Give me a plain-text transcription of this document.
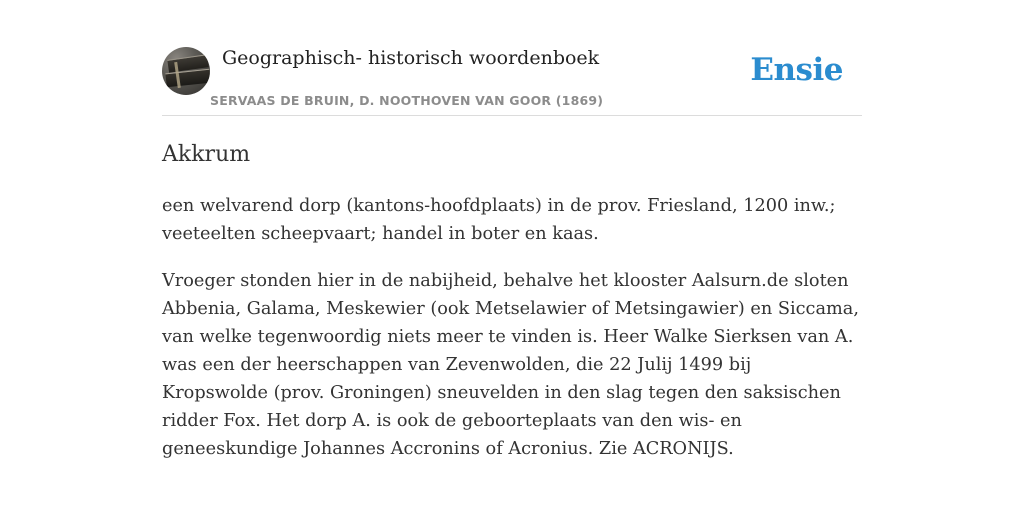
Geographisch- historisch woordenboek
SERVAAS DE BRUIN, D. NOOTHOVEN VAN GOOR (1869)
Ensie
Akkrum

een welvarend dorp (kantons-hoofdplaats) in de prov. Friesland, 1200 inw.; veeteelten scheepvaart; handel in boter en kaas.

Vroeger stonden hier in de nabijheid, behalve het klooster Aalsurn.de sloten Abbenia, Galama, Meskewier (ook Metselawier of Metsingawier) en Siccama, van welke tegenwoordig niets meer te vinden is. Heer Walke Sierksen van A. was een der heerschappen van Zevenwolden, die 22 Julij 1499 bij Kropswolde (prov. Groningen) sneuvelden in den slag tegen den saksischen ridder Fox. Het dorp A. is ook de geboorteplaats van den wis- en geneeskundige Johannes Accronins of Acronius. Zie ACRONIJS.
